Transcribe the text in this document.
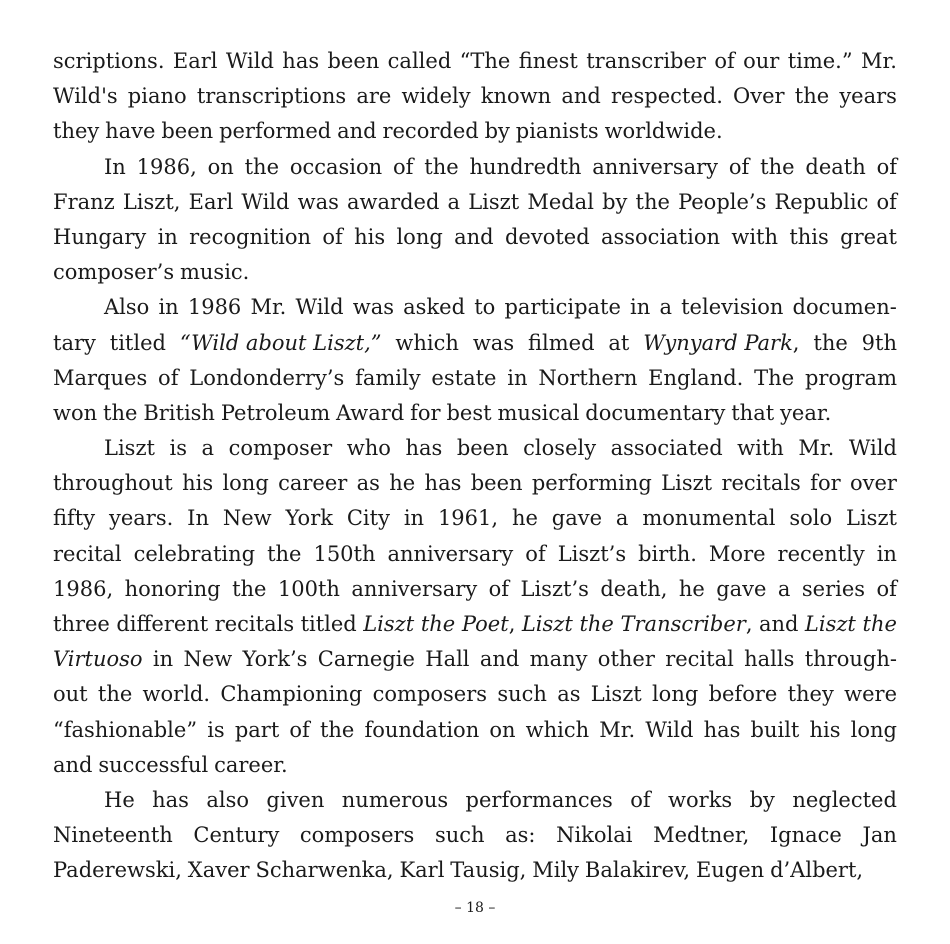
scriptions. Earl Wild has been called “The finest transcriber of our time.” Mr.
Wild's piano transcriptions are widely known and respected. Over the years
they have been performed and recorded by pianists worldwide.
In 1986, on the occasion of the hundredth anniversary of the death of
Franz Liszt, Earl Wild was awarded a Liszt Medal by the People’s Republic of
Hungary in recognition of his long and devoted association with this great
composer’s music.
Also in 1986 Mr. Wild was asked to participate in a television documen-
tary titled “Wild about Liszt,” which was filmed at Wynyard Park, the 9th
Marques of Londonderry’s family estate in Northern England. The program
won the British Petroleum Award for best musical documentary that year.
Liszt is a composer who has been closely associated with Mr. Wild
throughout his long career as he has been performing Liszt recitals for over
fifty years. In New York City in 1961, he gave a monumental solo Liszt
recital celebrating the 150th anniversary of Liszt’s birth. More recently in
1986, honoring the 100th anniversary of Liszt’s death, he gave a series of
three different recitals titled Liszt the Poet, Liszt the Transcriber, and Liszt the
Virtuoso in New York’s Carnegie Hall and many other recital halls through-
out the world. Championing composers such as Liszt long before they were
“fashionable” is part of the foundation on which Mr. Wild has built his long
and successful career.
He has also given numerous performances of works by neglected
Nineteenth Century composers such as: Nikolai Medtner, Ignace Jan
Paderewski, Xaver Scharwenka, Karl Tausig, Mily Balakirev, Eugen d’Albert,
– 18 –
